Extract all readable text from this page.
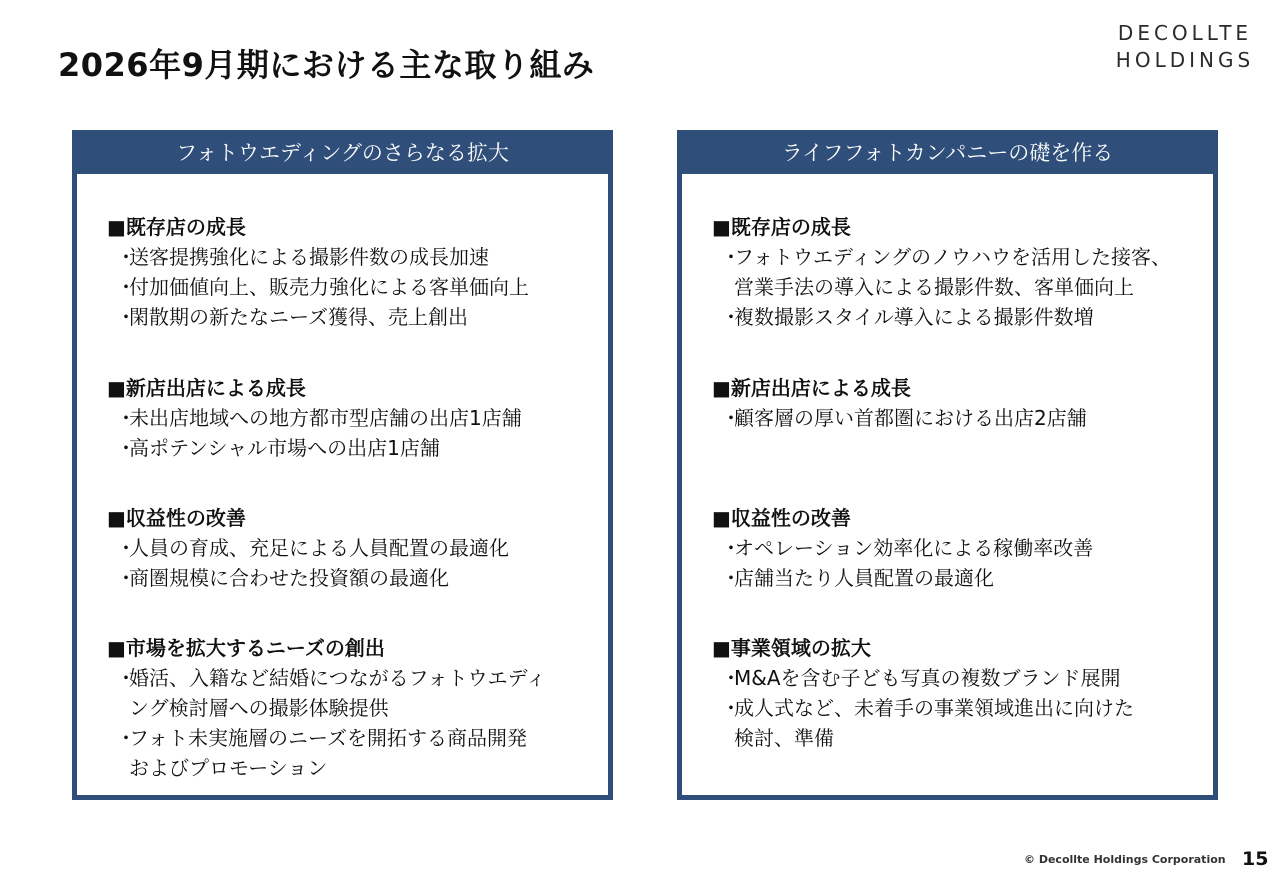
2026年9月期における主な取り組み
DECOLLTE
HOLDINGS
フォトウエディングのさらなる拡大
■既存店の成長
･送客提携強化による撮影件数の成長加速
･付加価値向上、販売力強化による客単価向上
･閑散期の新たなニーズ獲得、売上創出
■新店出店による成長
･未出店地域への地方都市型店舗の出店1店舗
･高ポテンシャル市場への出店1店舗
■収益性の改善
･人員の育成、充足による人員配置の最適化
･商圏規模に合わせた投資額の最適化
■市場を拡大するニーズの創出
･婚活、入籍など結婚につながるフォトウエディ
ング検討層への撮影体験提供
･フォト未実施層のニーズを開拓する商品開発
およびプロモーション
ライフフォトカンパニーの礎を作る
■既存店の成長
･フォトウエディングのノウハウを活用した接客、
営業手法の導入による撮影件数、客単価向上
･複数撮影スタイル導入による撮影件数増
■新店出店による成長
･顧客層の厚い首都圏における出店2店舗
■収益性の改善
･オペレーション効率化による稼働率改善
･店舗当たり人員配置の最適化
■事業領域の拡大
･M&Aを含む子ども写真の複数ブランド展開
･成人式など、未着手の事業領域進出に向けた
検討、準備
© Decollte Holdings Corporation 15
